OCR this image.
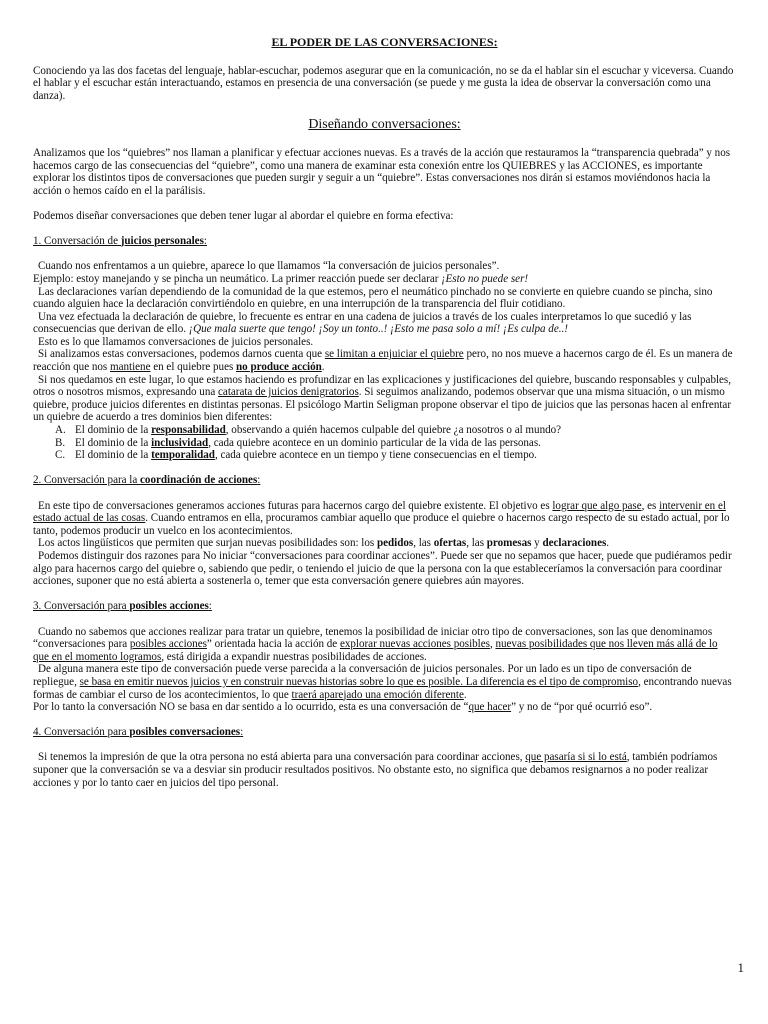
EL PODER DE LAS CONVERSACIONES:

Conociendo ya las dos facetas del lenguaje, hablar-escuchar, podemos asegurar que en la comunicación, no se da el hablar sin el escuchar y viceversa. Cuando el hablar y el escuchar están interactuando, estamos en presencia de una conversación (se puede y me gusta la idea de observar la conversación como una danza).

Diseñando conversaciones:

Analizamos que los “quiebres” nos llaman a planificar y efectuar acciones nuevas. Es a través de la acción que restauramos la “transparencia quebrada” y nos hacemos cargo de las consecuencias del “quiebre”, como una manera de examinar esta conexión entre los QUIEBRES y las ACCIONES, es importante explorar los distintos tipos de conversaciones que pueden surgir y seguir a un “quiebre”. Estas conversaciones nos dirán si estamos moviéndonos hacia la acción o hemos caído en el la parálisis.

Podemos diseñar conversaciones que deben tener lugar al abordar el quiebre en forma efectiva:

1. Conversación de juicios personales:

Cuando nos enfrentamos a un quiebre, aparece lo que llamamos “la conversación de juicios personales”.

Ejemplo: estoy manejando y se pincha un neumático. La primer reacción puede ser declarar ¡Esto no puede ser!

Las declaraciones varían dependiendo de la comunidad de la que estemos, pero el neumático pinchado no se convierte en quiebre cuando se pincha, sino cuando alguien hace la declaración convirtiéndolo en quiebre, en una interrupción de la transparencia del fluir cotidiano.

Una vez efectuada la declaración de quiebre, lo frecuente es entrar en una cadena de juicios a través de los cuales interpretamos lo que sucedió y las consecuencias que derivan de ello. ¡Que mala suerte que tengo! ¡Soy un tonto..! ¡Esto me pasa solo a mí! ¡Es culpa de..!

Esto es lo que llamamos conversaciones de juicios personales.

Si analizamos estas conversaciones, podemos darnos cuenta que se limitan a enjuiciar el quiebre pero, no nos mueve a hacernos cargo de él. Es un manera de reacción que nos mantiene en el quiebre pues no produce acción.

Si nos quedamos en este lugar, lo que estamos haciendo es profundizar en las explicaciones y justificaciones del quiebre, buscando responsables y culpables, otros o nosotros mismos, expresando una catarata de juicios denigratorios. Si seguimos analizando, podemos observar que una misma situación, o un mismo quiebre, produce juicios diferentes en distintas personas. El psicólogo Martin Seligman propone observar el tipo de juicios que las personas hacen al enfrentar un quiebre de acuerdo a tres dominios bien diferentes:

A. El dominio de la responsabilidad, observando a quién hacemos culpable del quiebre ¿a nosotros o al mundo?
B. El dominio de la inclusividad, cada quiebre acontece en un dominio particular de la vida de las personas.
C. El dominio de la temporalidad, cada quiebre acontece en un tiempo y tiene consecuencias en el tiempo.

2. Conversación para la coordinación de acciones:

En este tipo de conversaciones generamos acciones futuras para hacernos cargo del quiebre existente. El objetivo es lograr que algo pase, es intervenir en el estado actual de las cosas. Cuando entramos en ella, procuramos cambiar aquello que produce el quiebre o hacernos cargo respecto de su estado actual, por lo tanto, podemos producir un vuelco en los acontecimientos.

Los actos lingüísticos que permiten que surjan nuevas posibilidades son: los pedidos, las ofertas, las promesas y declaraciones.

Podemos distinguir dos razones para No iniciar “conversaciones para coordinar acciones”. Puede ser que no sepamos que hacer, puede que pudiéramos pedir algo para hacernos cargo del quiebre o, sabiendo que pedir, o teniendo el juicio de que la persona con la que estableceríamos la conversación para coordinar acciones, suponer que no está abierta a sostenerla o, temer que esta conversación genere quiebres aún mayores.

3. Conversación para posibles acciones:

Cuando no sabemos que acciones realizar para tratar un quiebre, tenemos la posibilidad de iniciar otro tipo de conversaciones, son las que denominamos “conversaciones para posibles acciones” orientada hacia la acción de explorar nuevas acciones posibles, nuevas posibilidades que nos lleven más allá de lo que en el momento logramos, está dirigida a expandir nuestras posibilidades de acciones.

De alguna manera este tipo de conversación puede verse parecida a la conversación de juicios personales. Por un lado es un tipo de conversación de repliegue, se basa en emitir nuevos juicios y en construir nuevas historias sobre lo que es posible. La diferencia es el tipo de compromiso, encontrando nuevas formas de cambiar el curso de los acontecimientos, lo que traerá aparejado una emoción diferente.

Por lo tanto la conversación NO se basa en dar sentido a lo ocurrido, esta es una conversación de “que hacer” y no de “por qué ocurrió eso”.

4. Conversación para posibles conversaciones:

Si tenemos la impresión de que la otra persona no está abierta para una conversación para coordinar acciones, que pasaría si si lo está, también podríamos suponer que la conversación se va a desviar sin producir resultados positivos. No obstante esto, no significa que debamos resignarnos a no poder realizar acciones y por lo tanto caer en juicios del tipo personal.

1
